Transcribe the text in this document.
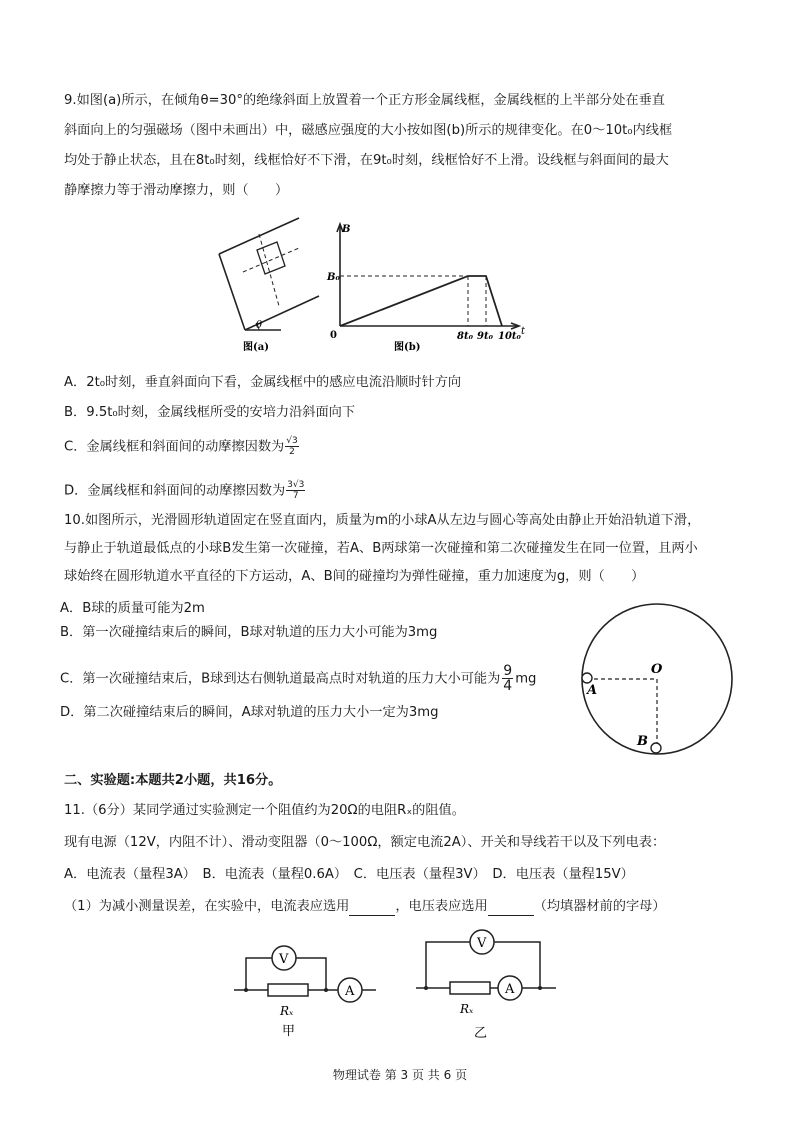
9.如图(a)所示，在倾角θ=30°的绝缘斜面上放置着一个正方形金属线框，金属线框的上半部分处在垂直
斜面向上的匀强磁场（图中未画出）中，磁感应强度的大小按如图(b)所示的规律变化。在0～10t₀内线框
均处于静止状态，且在8t₀时刻，线框恰好不下滑，在9t₀时刻，线框恰好不上滑。设线框与斜面间的最大
静摩擦力等于滑动摩擦力，则（　　）
θ
图(a)
B
t
B₀
0	8t₀ 9t₀ 10t₀
图(b)
A．2t₀时刻，垂直斜面向下看，金属线框中的感应电流沿顺时针方向
B．9.5t₀时刻，金属线框所受的安培力沿斜面向下
C．金属线框和斜面间的动摩擦因数为 $\frac{√3}{2}$
D．金属线框和斜面间的动摩擦因数为 $\frac{3√3}{7}$
10.如图所示，光滑圆形轨道固定在竖直面内，质量为m的小球A从左边与圆心等高处由静止开始沿轨道下滑，
与静止于轨道最低点的小球B发生第一次碰撞，若A、B两球第一次碰撞和第二次碰撞发生在同一位置，且两小
球始终在圆形轨道水平直径的下方运动，A、B间的碰撞均为弹性碰撞，重力加速度为g，则（　　）
A．B球的质量可能为2m
B．第一次碰撞结束后的瞬间，B球对轨道的压力大小可能为3mg
C．第一次碰撞结束后，B球到达右侧轨道最高点时对轨道的压力大小可能为 $\frac{9}{4}$ mg
D．第二次碰撞结束后的瞬间，A球对轨道的压力大小一定为3mg
O
A
B
二、实验题:本题共2小题，共16分。
11.（6分）某同学通过实验测定一个阻值约为20Ω的电阻Rₓ的阻值。
现有电源（12V，内阻不计）、滑动变阻器（0～100Ω，额定电流2A）、开关和导线若干以及下列电表：
A．电流表（量程3A）　B．电流表（量程0.6A）　C．电压表（量程3V）　D．电压表（量程15V）
（1）为减小测量误差，在实验中，电流表应选用	，电压表应选用	（均填器材前的字母）
V
A
Rₓ
甲
V
A
Rₓ
乙
物理试卷 第 3 页 共 6 页
